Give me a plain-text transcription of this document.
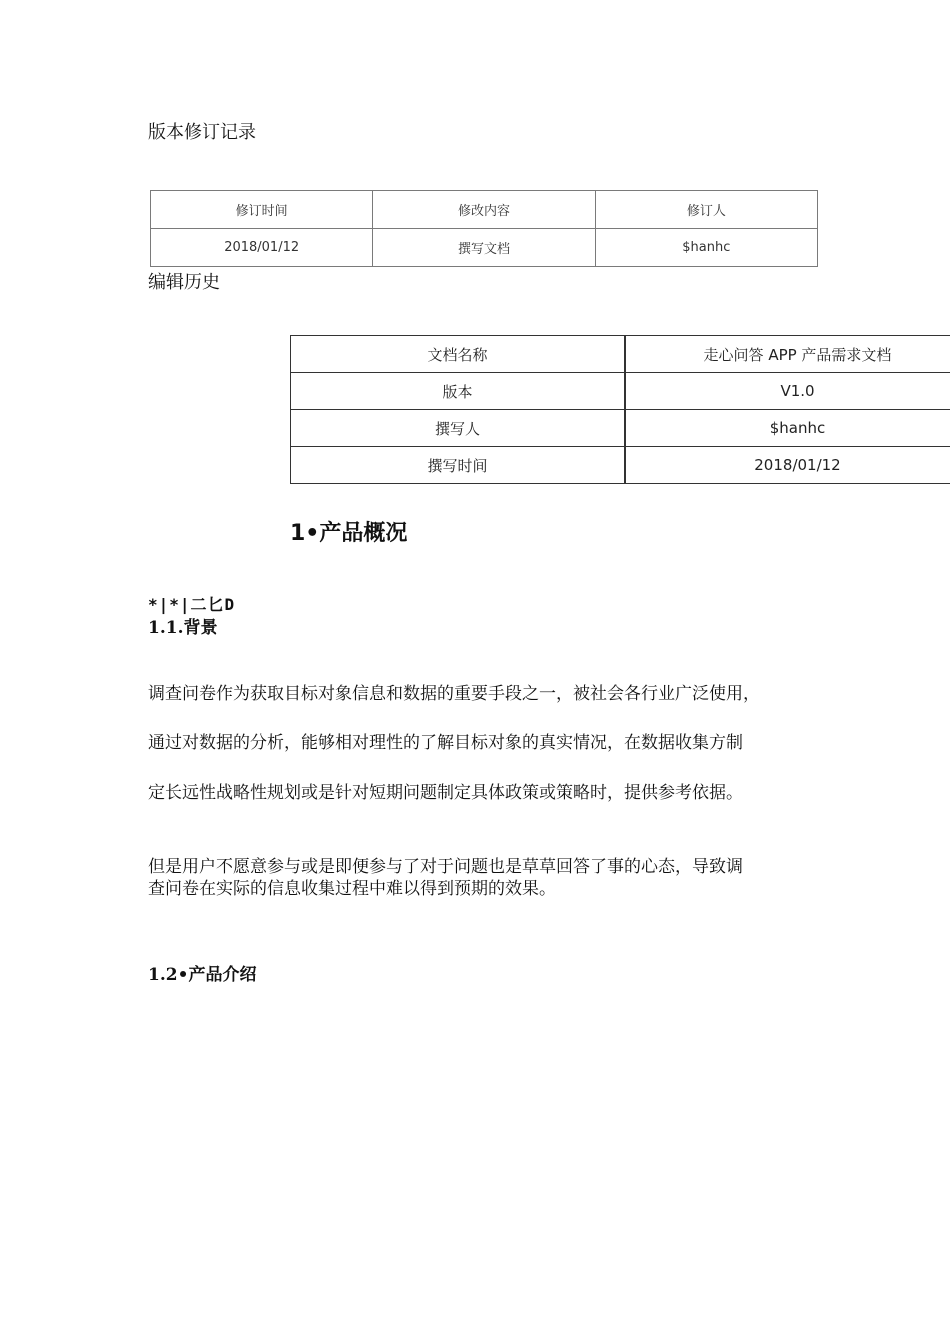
版本修订记录
修订时间	修改内容	修订人
2018/01/12	撰写文档	$hanhc
编辑历史
文档名称	走心问答 APP 产品需求文档
版本	V1.0
撰写人	$hanhc
撰写时间	2018/01/12
1•产品概况
*|*|二匕D
1.1.背景
调查问卷作为获取目标对象信息和数据的重要手段之一，被社会各行业广泛使用，
通过对数据的分析，能够相对理性的了解目标对象的真实情况，在数据收集方制
定长远性战略性规划或是针对短期问题制定具体政策或策略时，提供参考依据。
但是用户不愿意参与或是即便参与了对于问题也是草草回答了事的心态，导致调
查问卷在实际的信息收集过程中难以得到预期的效果。
1.2•产品介绍
